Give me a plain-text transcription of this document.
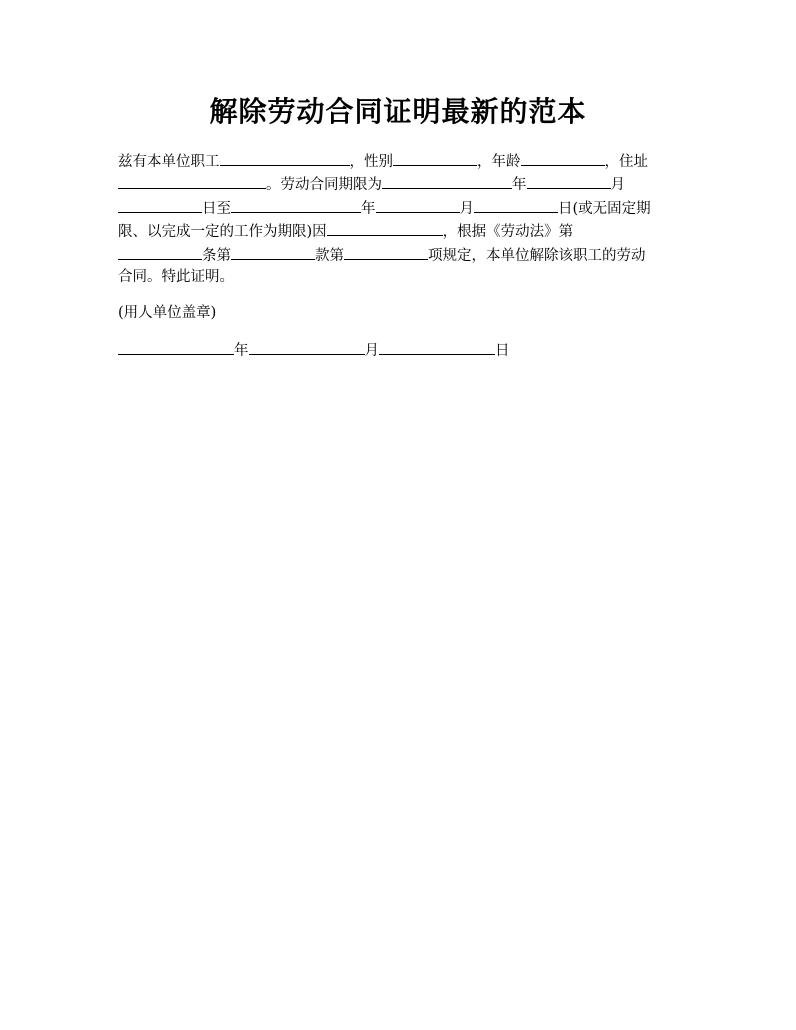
解除劳动合同证明最新的范本
兹有本单位职工	，性别	，年龄	，住址
。劳动合同期限为	年	月
日至	年	月	日(或无固定期
限、以完成一定的工作为期限)因	，根据《劳动法》第
条第	款第	项规定，本单位解除该职工的劳动
合同。特此证明。
(用人单位盖章)
年	月	日
